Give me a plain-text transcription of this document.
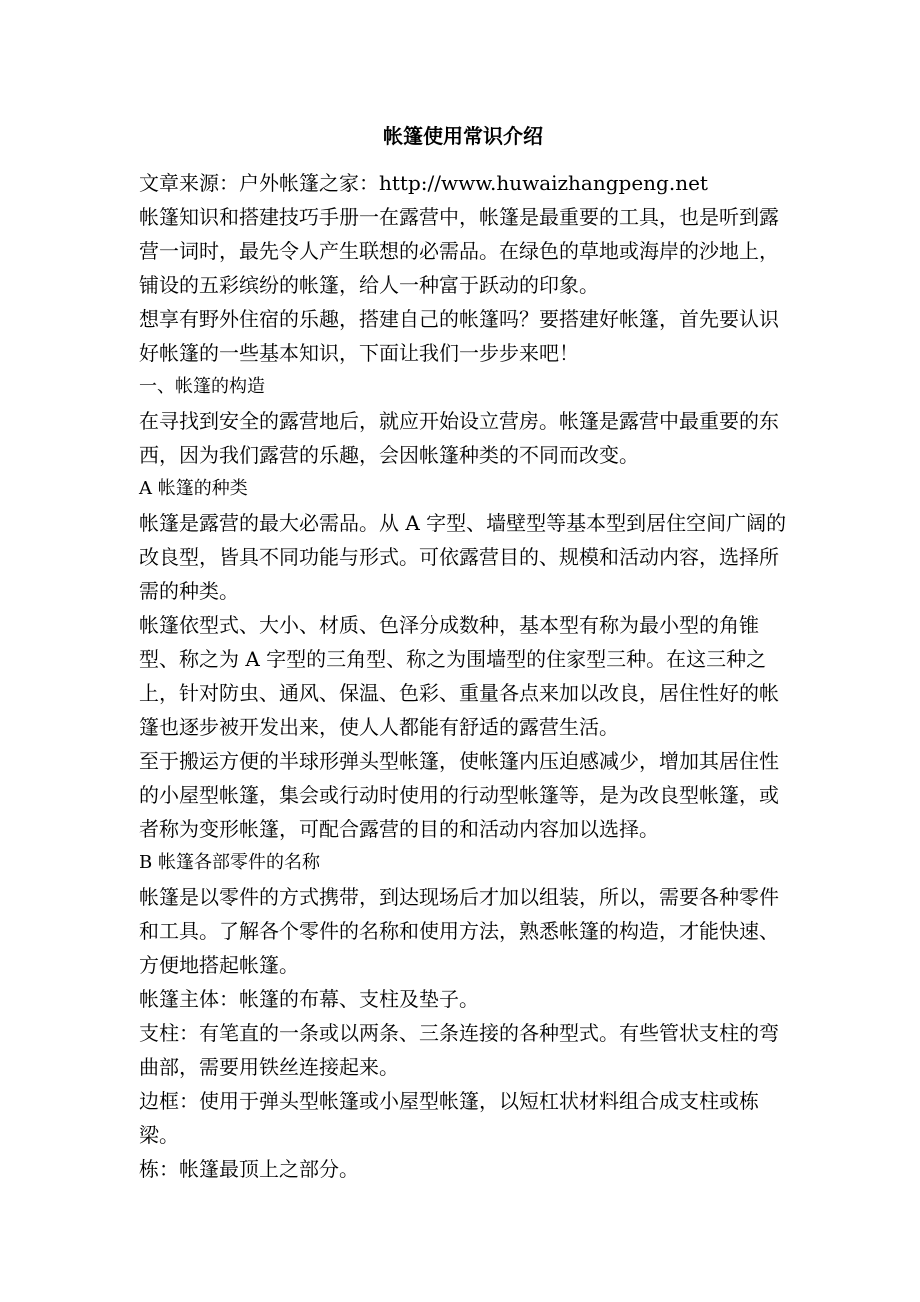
帐篷使用常识介绍

文章来源：户外帐篷之家：http://www.huwaizhangpeng.net

帐篷知识和搭建技巧手册一在露营中，帐篷是最重要的工具，也是听到露营一词时，最先令人产生联想的必需品。在绿色的草地或海岸的沙地上，铺设的五彩缤纷的帐篷，给人一种富于跃动的印象。

想享有野外住宿的乐趣，搭建自己的帐篷吗？要搭建好帐篷，首先要认识好帐篷的一些基本知识，下面让我们一步步来吧！

一、帐篷的构造

在寻找到安全的露营地后，就应开始设立营房。帐篷是露营中最重要的东西，因为我们露营的乐趣，会因帐篷种类的不同而改变。

A 帐篷的种类

帐篷是露营的最大必需品。从 A 字型、墙壁型等基本型到居住空间广阔的改良型，皆具不同功能与形式。可依露营目的、规模和活动内容，选择所需的种类。

帐篷依型式、大小、材质、色泽分成数种，基本型有称为最小型的角锥型、称之为 A 字型的三角型、称之为围墙型的住家型三种。在这三种之上，针对防虫、通风、保温、色彩、重量各点来加以改良，居住性好的帐篷也逐步被开发出来，使人人都能有舒适的露营生活。

至于搬运方便的半球形弹头型帐篷，使帐篷内压迫感减少，增加其居住性的小屋型帐篷，集会或行动时使用的行动型帐篷等，是为改良型帐篷，或者称为变形帐篷，可配合露营的目的和活动内容加以选择。

B 帐篷各部零件的名称

帐篷是以零件的方式携带，到达现场后才加以组装，所以，需要各种零件和工具。了解各个零件的名称和使用方法，熟悉帐篷的构造，才能快速、方便地搭起帐篷。

帐篷主体：帐篷的布幕、支柱及垫子。

支柱：有笔直的一条或以两条、三条连接的各种型式。有些管状支柱的弯曲部，需要用铁丝连接起来。

边框：使用于弹头型帐篷或小屋型帐篷，以短杠状材料组合成支柱或栋梁。

栋：帐篷最顶上之部分。
